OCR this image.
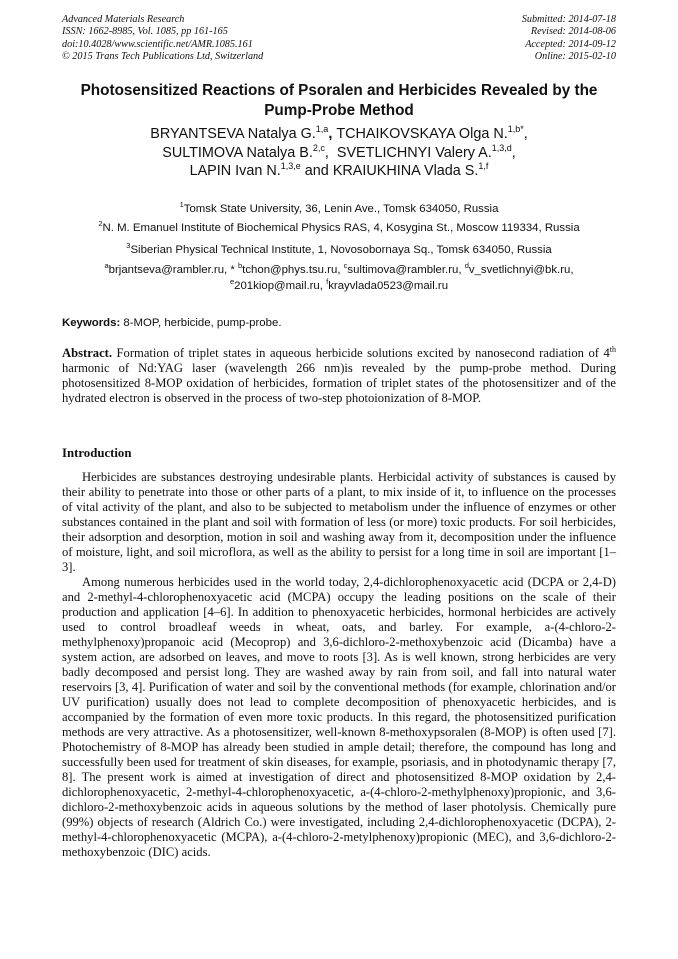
Advanced Materials Research
ISSN: 1662-8985, Vol. 1085, pp 161-165
doi:10.4028/www.scientific.net/AMR.1085.161
© 2015 Trans Tech Publications Ltd, Switzerland
Submitted: 2014-07-18
Revised: 2014-08-06
Accepted: 2014-09-12
Online: 2015-02-10
Photosensitized Reactions of Psoralen and Herbicides Revealed by the
Pump-Probe Method
BRYANTSEVA Natalya G.$^{1,a}$, TCHAIKOVSKAYA Olga N.$^{1,b*}$,
SULTIMOVA Natalya B.$^{2,c}$,  SVETLICHNYI Valery A.$^{1,3,d}$,
LAPIN Ivan N.$^{1,3,e}$ and KRAIUKHINA Vlada S.$^{1,f}$
$^1$Tomsk State University, 36, Lenin Ave., Tomsk 634050, Russia
$^2$N. M. Emanuel Institute of Biochemical Physics RAS, 4, Kosygina St., Moscow 119334, Russia
$^3$Siberian Physical Technical Institute, 1, Novosobornaya Sq., Tomsk 634050, Russia
$^a$brjantseva@rambler.ru, * $^b$tchon@phys.tsu.ru, $^c$sultimova@rambler.ru, $^d$v_svetlichnyi@bk.ru,
$^e$201kiop@mail.ru, $^f$krayvlada0523@mail.ru
Keywords: 8-MOP, herbicide, pump-probe.
Abstract. Formation of triplet states in aqueous herbicide solutions excited by nanosecond radiation of 4th harmonic of Nd:YAG laser (wavelength 266 nm)is revealed by the pump-probe method. During photosensitized 8-MOP oxidation of herbicides, formation of triplet states of the photosensitizer and of the hydrated electron is observed in the process of two-step photoionization of 8-MOP.
Introduction

Herbicides are substances destroying undesirable plants. Herbicidal activity of substances is caused by their ability to penetrate into those or other parts of a plant, to mix inside of it, to influence on the processes of vital activity of the plant, and also to be subjected to metabolism under the influence of enzymes or other substances contained in the plant and soil with formation of less (or more) toxic products. For soil herbicides, their adsorption and desorption, motion in soil and washing away from it, decomposition under the influence of moisture, light, and soil microflora, as well as the ability to persist for a long time in soil are important [1–3].

Among numerous herbicides used in the world today, 2,4-dichlorophenoxyacetic acid (DCPA or 2,4-D) and 2-methyl-4-chlorophenoxyacetic acid (MCPA) occupy the leading positions on the scale of their production and application [4–6]. In addition to phenoxyacetic herbicides, hormonal herbicides are actively used to control broadleaf weeds in wheat, oats, and barley. For example, a-(4-chloro-2-methylphenoxy)propanoic acid (Mecoprop) and 3,6-dichloro-2-methoxybenzoic acid (Dicamba) have a system action, are adsorbed on leaves, and move to roots [3]. As is well known, strong herbicides are very badly decomposed and persist long. They are washed away by rain from soil, and fall into natural water reservoirs [3, 4]. Purification of water and soil by the conventional methods (for example, chlorination and/or UV purification) usually does not lead to complete decomposition of phenoxyacetic herbicides, and is accompanied by the formation of even more toxic products. In this regard, the photosensitized purification methods are very attractive. As a photosensitizer, well-known 8-methoxypsoralen (8-MOP) is often used [7]. Photochemistry of 8-MOP has already been studied in ample detail; therefore, the compound has long and successfully been used for treatment of skin diseases, for example, psoriasis, and in photodynamic therapy [7, 8]. The present work is aimed at investigation of direct and photosensitized 8-MOP oxidation by 2,4-dichlorophenoxyacetic, 2-methyl-4-chlorophenoxyacetic, a-(4-chloro-2-methylphenoxy)propionic, and 3,6-dichloro-2-methoxybenzoic acids in aqueous solutions by the method of laser photolysis. Chemically pure (99%) objects of research (Aldrich Co.) were investigated, including 2,4-dichlorophenoxyacetic (DCPA), 2-methyl-4-chlorophenoxyacetic (MCPA), a-(4-chloro-2-metylphenoxy)propionic (MEC), and 3,6-dichloro-2-methoxybenzoic (DIC) acids.
